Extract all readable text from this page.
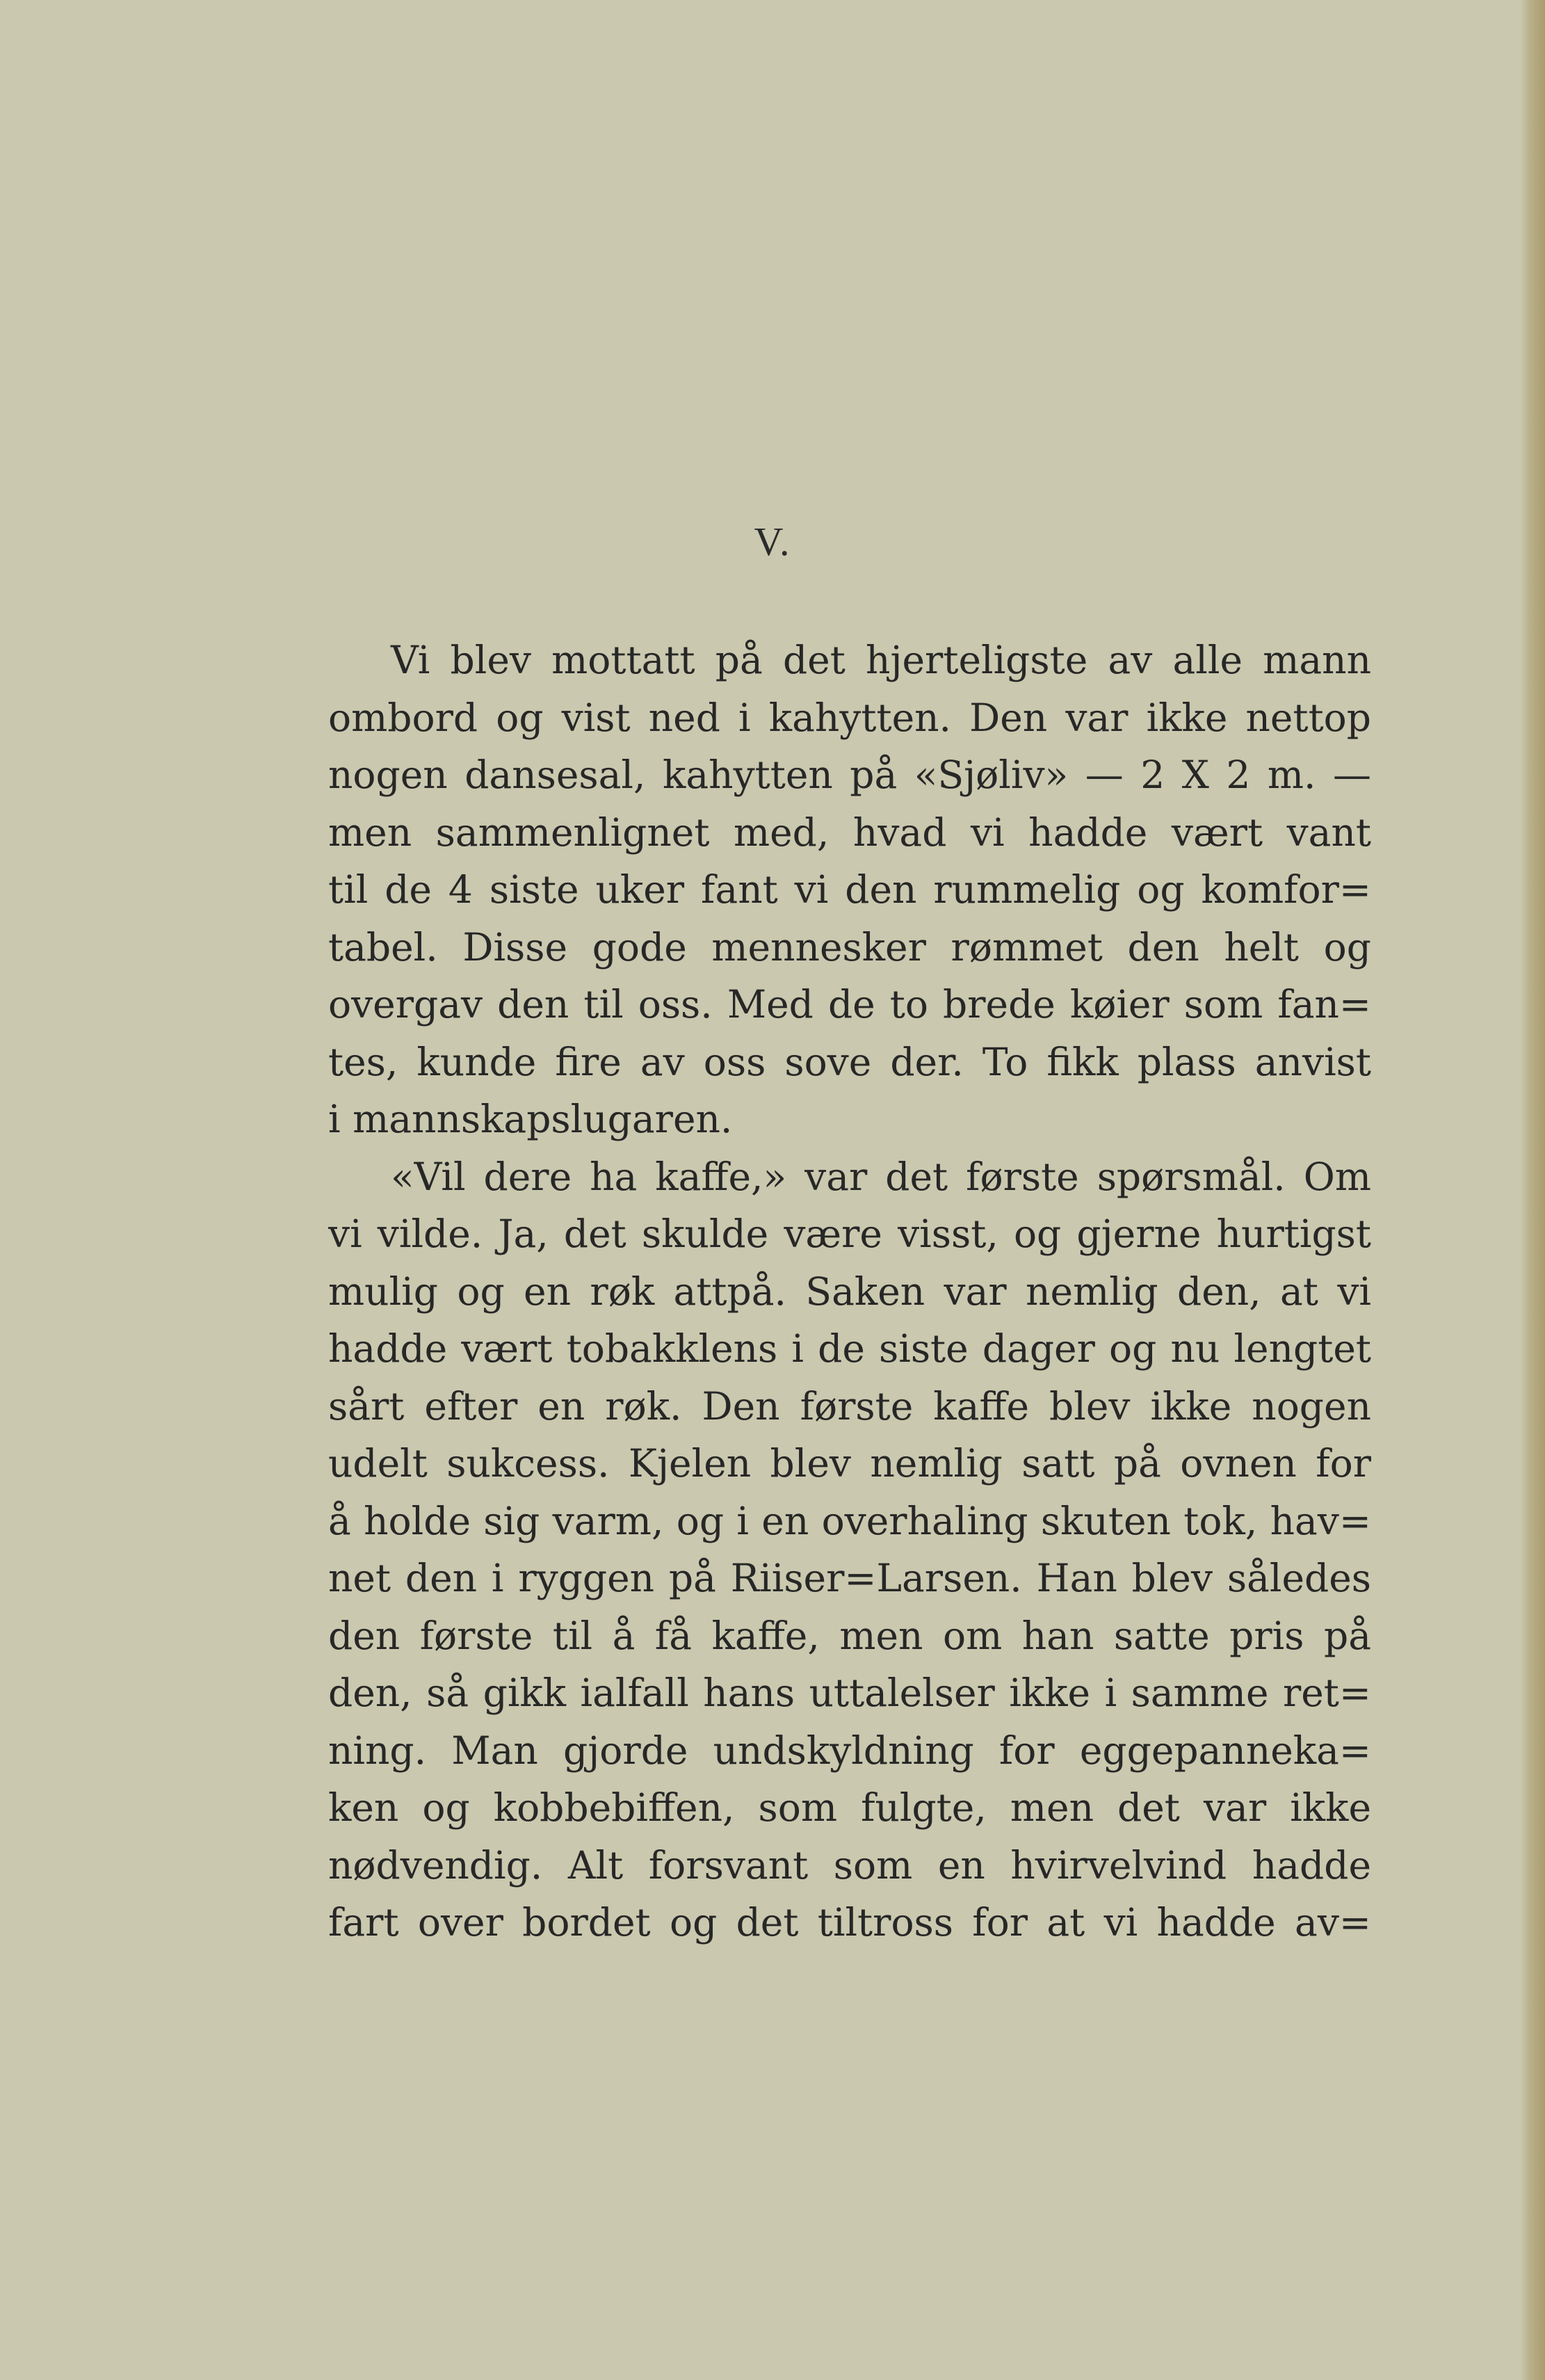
V.
Vi blev mottatt på det hjerteligste av alle mann
ombord og vist ned i kahytten. Den var ikke nettop
nogen dansesal, kahytten på «Sjøliv» — 2 X 2 m. —
men sammenlignet med, hvad vi hadde vært vant
til de 4 siste uker fant vi den rummelig og komfor=
tabel. Disse gode mennesker rømmet den helt og
overgav den til oss. Med de to brede køier som fan=
tes, kunde fire av oss sove der. To fikk plass anvist
i mannskapslugaren.
«Vil dere ha kaffe,» var det første spørsmål. Om
vi vilde. Ja, det skulde være visst, og gjerne hurtigst
mulig og en røk attpå. Saken var nemlig den, at vi
hadde vært tobakklens i de siste dager og nu lengtet
sårt efter en røk. Den første kaffe blev ikke nogen
udelt sukcess. Kjelen blev nemlig satt på ovnen for
å holde sig varm, og i en overhaling skuten tok, hav=
net den i ryggen på Riiser=Larsen. Han blev således
den første til å få kaffe, men om han satte pris på
den, så gikk ialfall hans uttalelser ikke i samme ret=
ning. Man gjorde undskyldning for eggepanneka=
ken og kobbebiffen, som fulgte, men det var ikke
nødvendig. Alt forsvant som en hvirvelvind hadde
fart over bordet og det tiltross for at vi hadde av=
